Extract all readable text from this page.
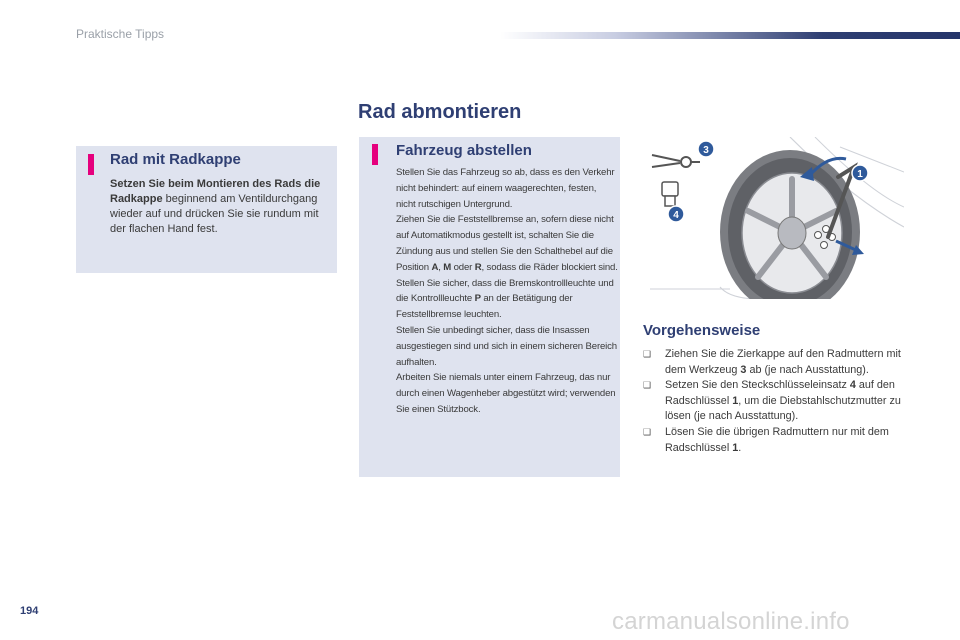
Praktische Tipps
Rad abmontieren
Rad mit Radkappe
Setzen Sie beim Montieren des Rads die Radkappe beginnend am Ventildurchgang wieder auf und drücken Sie sie rundum mit der flachen Hand fest.
Fahrzeug abstellen
Stellen Sie das Fahrzeug so ab, dass es den Verkehr nicht behindert: auf einem waagerechten, festen, nicht rutschigen Untergrund.
Ziehen Sie die Feststellbremse an, sofern diese nicht auf Automatikmodus gestellt ist, schalten Sie die Zündung aus und stellen Sie den Schalthebel auf die Position A, M oder R, sodass die Räder blockiert sind.
Stellen Sie sicher, dass die Bremskontrollleuchte und die Kontrollleuchte P an der Betätigung der Feststellbremse leuchten.
Stellen Sie unbedingt sicher, dass die Insassen ausgestiegen sind und sich in einem sicheren Bereich aufhalten.
Arbeiten Sie niemals unter einem Fahrzeug, das nur durch einen Wagenheber abgestützt wird; verwenden Sie einen Stützbock.
3
4
1
Vorgehensweise
❑ Ziehen Sie die Zierkappe auf den Radmuttern mit dem Werkzeug 3 ab (je nach Ausstattung).
❑ Setzen Sie den Steckschlüsseleinsatz 4 auf den Radschlüssel 1, um die Diebstahlschutzmutter zu lösen (je nach Ausstattung).
❑ Lösen Sie die übrigen Radmuttern nur mit dem Radschlüssel 1.
194	carmanualsonline.info
